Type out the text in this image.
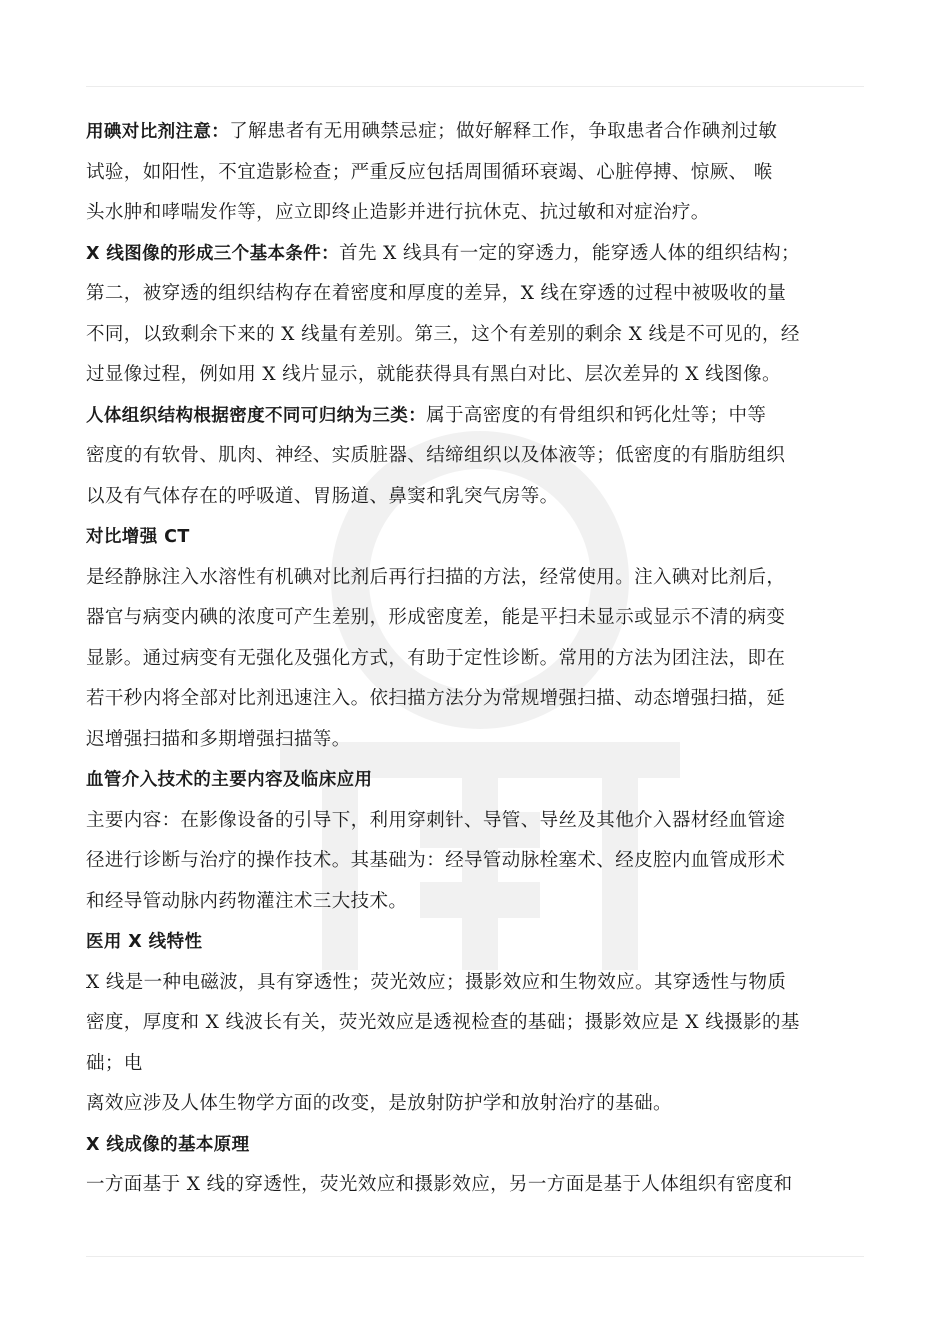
用碘对比剂注意：了解患者有无用碘禁忌症；做好解释工作，争取患者合作碘剂过敏
试验，如阳性，不宜造影检查；严重反应包括周围循环衰竭、心脏停搏、惊厥、 喉
头水肿和哮喘发作等，应立即终止造影并进行抗休克、抗过敏和对症治疗。
X 线图像的形成三个基本条件：首先 X 线具有一定的穿透力，能穿透人体的组织结构；
第二，被穿透的组织结构存在着密度和厚度的差异，X 线在穿透的过程中被吸收的量
不同，以致剩余下来的 X 线量有差别。第三，这个有差别的剩余 X 线是不可见的，经
过显像过程，例如用 X 线片显示，就能获得具有黑白对比、层次差异的 X 线图像。
人体组织结构根据密度不同可归纳为三类：属于高密度的有骨组织和钙化灶等；中等
密度的有软骨、肌肉、神经、实质脏器、结缔组织以及体液等；低密度的有脂肪组织
以及有气体存在的呼吸道、胃肠道、鼻窦和乳突气房等。
对比增强 CT
是经静脉注入水溶性有机碘对比剂后再行扫描的方法，经常使用。注入碘对比剂后，
器官与病变内碘的浓度可产生差别，形成密度差，能是平扫未显示或显示不清的病变
显影。通过病变有无强化及强化方式，有助于定性诊断。常用的方法为团注法，即在
若干秒内将全部对比剂迅速注入。依扫描方法分为常规增强扫描、动态增强扫描，延
迟增强扫描和多期增强扫描等。
血管介入技术的主要内容及临床应用
主要内容：在影像设备的引导下，利用穿刺针、导管、导丝及其他介入器材经血管途
径进行诊断与治疗的操作技术。其基础为：经导管动脉栓塞术、经皮腔内血管成形术
和经导管动脉内药物灌注术三大技术。
医用 X 线特性
X 线是一种电磁波，具有穿透性；荧光效应；摄影效应和生物效应。其穿透性与物质
密度，厚度和 X 线波长有关，荧光效应是透视检查的基础；摄影效应是 X 线摄影的基
础；电
离效应涉及人体生物学方面的改变，是放射防护学和放射治疗的基础。
X 线成像的基本原理
一方面基于 X 线的穿透性，荧光效应和摄影效应，另一方面是基于人体组织有密度和
